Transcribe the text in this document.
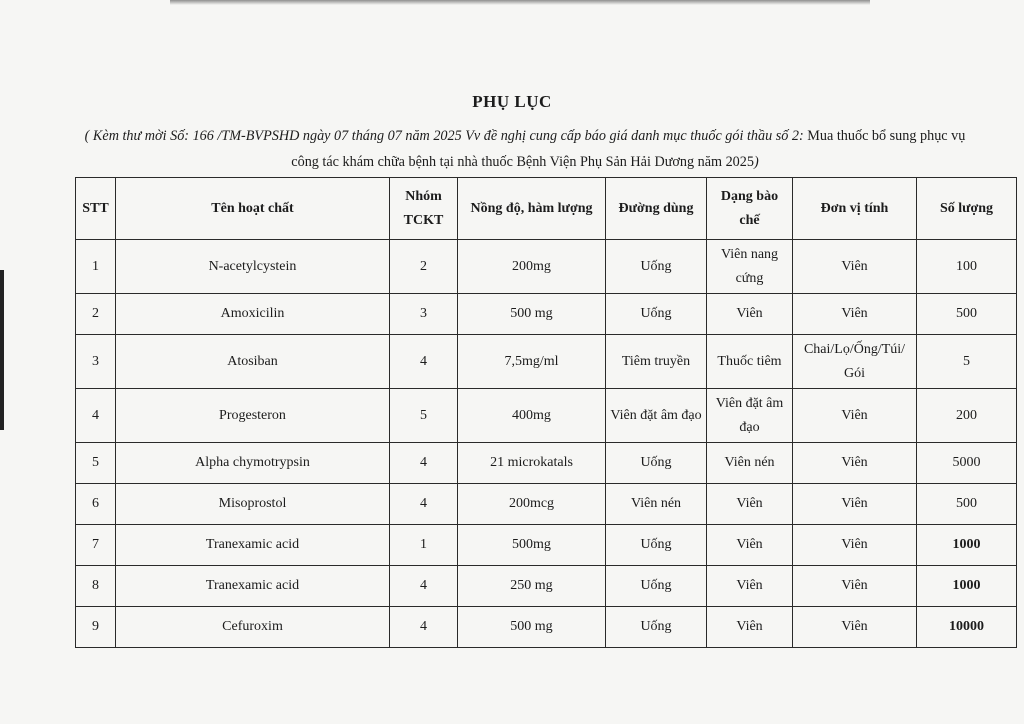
PHỤ LỤC
( Kèm thư mời Số: 166 /TM-BVPSHD ngày 07 tháng 07 năm 2025 Vv đề nghị cung cấp báo giá danh mục thuốc gói thầu số 2: Mua thuốc bổ sung phục vụ công tác khám chữa bệnh tại nhà thuốc Bệnh Viện Phụ Sản Hải Dương năm 2025)
STT	Tên hoạt chất	Nhóm TCKT	Nồng độ, hàm lượng	Đường dùng	Dạng bào chế	Đơn vị tính	Số lượng
1	N-acetylcystein	2	200mg	Uống	Viên nang cứng	Viên	100
2	Amoxicilin	3	500 mg	Uống	Viên	Viên	500
3	Atosiban	4	7,5mg/ml	Tiêm truyền	Thuốc tiêm	Chai/Lọ/Ống/Túi/ Gói	5
4	Progesteron	5	400mg	Viên đặt âm đạo	Viên đặt âm đạo	Viên	200
5	Alpha chymotrypsin	4	21 microkatals	Uống	Viên nén	Viên	5000
6	Misoprostol	4	200mcg	Viên nén	Viên	Viên	500
7	Tranexamic acid	1	500mg	Uống	Viên	Viên	1000
8	Tranexamic acid	4	250 mg	Uống	Viên	Viên	1000
9	Cefuroxim	4	500 mg	Uống	Viên	Viên	10000
